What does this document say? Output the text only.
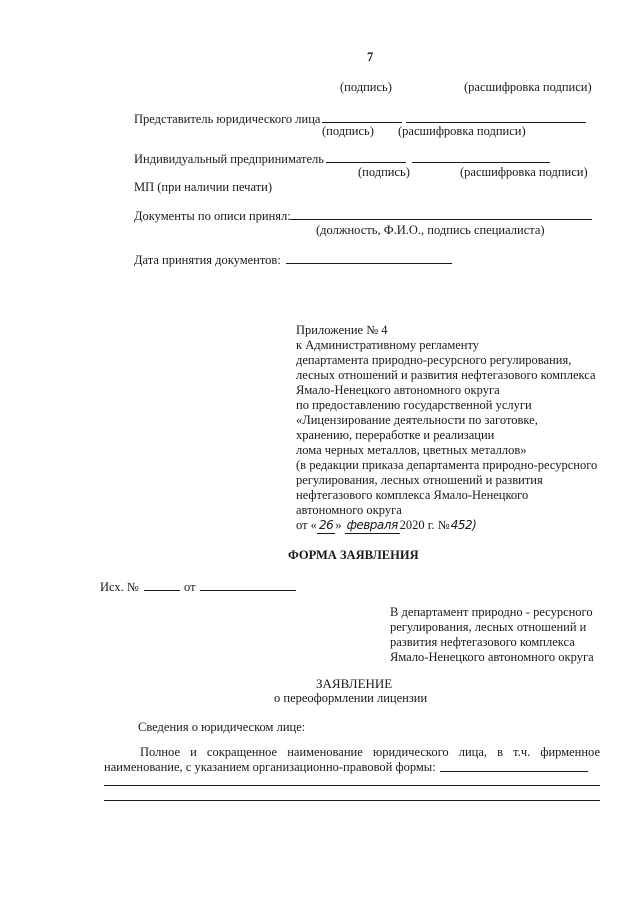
7
(подпись)	(расшифровка подписи)
Представитель юридического лица
(подпись) (расшифровка подписи)
Индивидуальный предприниматель
(подпись)	(расшифровка подписи)
МП (при наличии печати)
Документы по описи принял:
(должность, Ф.И.О., подпись специалиста)
Дата принятия документов:
Приложение № 4
к Административному регламенту
департамента природно-ресурсного регулирования,
лесных отношений и развития нефтегазового комплекса
Ямало-Ненецкого автономного округа
по предоставлению государственной услуги
«Лицензирование деятельности по заготовке,
хранению, переработке и реализации
лома черных металлов, цветных металлов»
(в редакции приказа департамента природно-ресурсного
регулирования, лесных отношений и развития
нефтегазового комплекса Ямало-Ненецкого
автономного округа
от « 26 » февраля 2020 г. №452)
ФОРМА ЗАЯВЛЕНИЯ
Исх. №	от
В департамент природно - ресурсного
регулирования, лесных отношений и
развития нефтегазового комплекса
Ямало-Ненецкого автономного округа
ЗАЯВЛЕНИЕ
о переоформлении лицензии
Сведения о юридическом лице:
Полное и сокращенное наименование юридического лица, в т.ч. фирменное
наименование, с указанием организационно-правовой формы:
